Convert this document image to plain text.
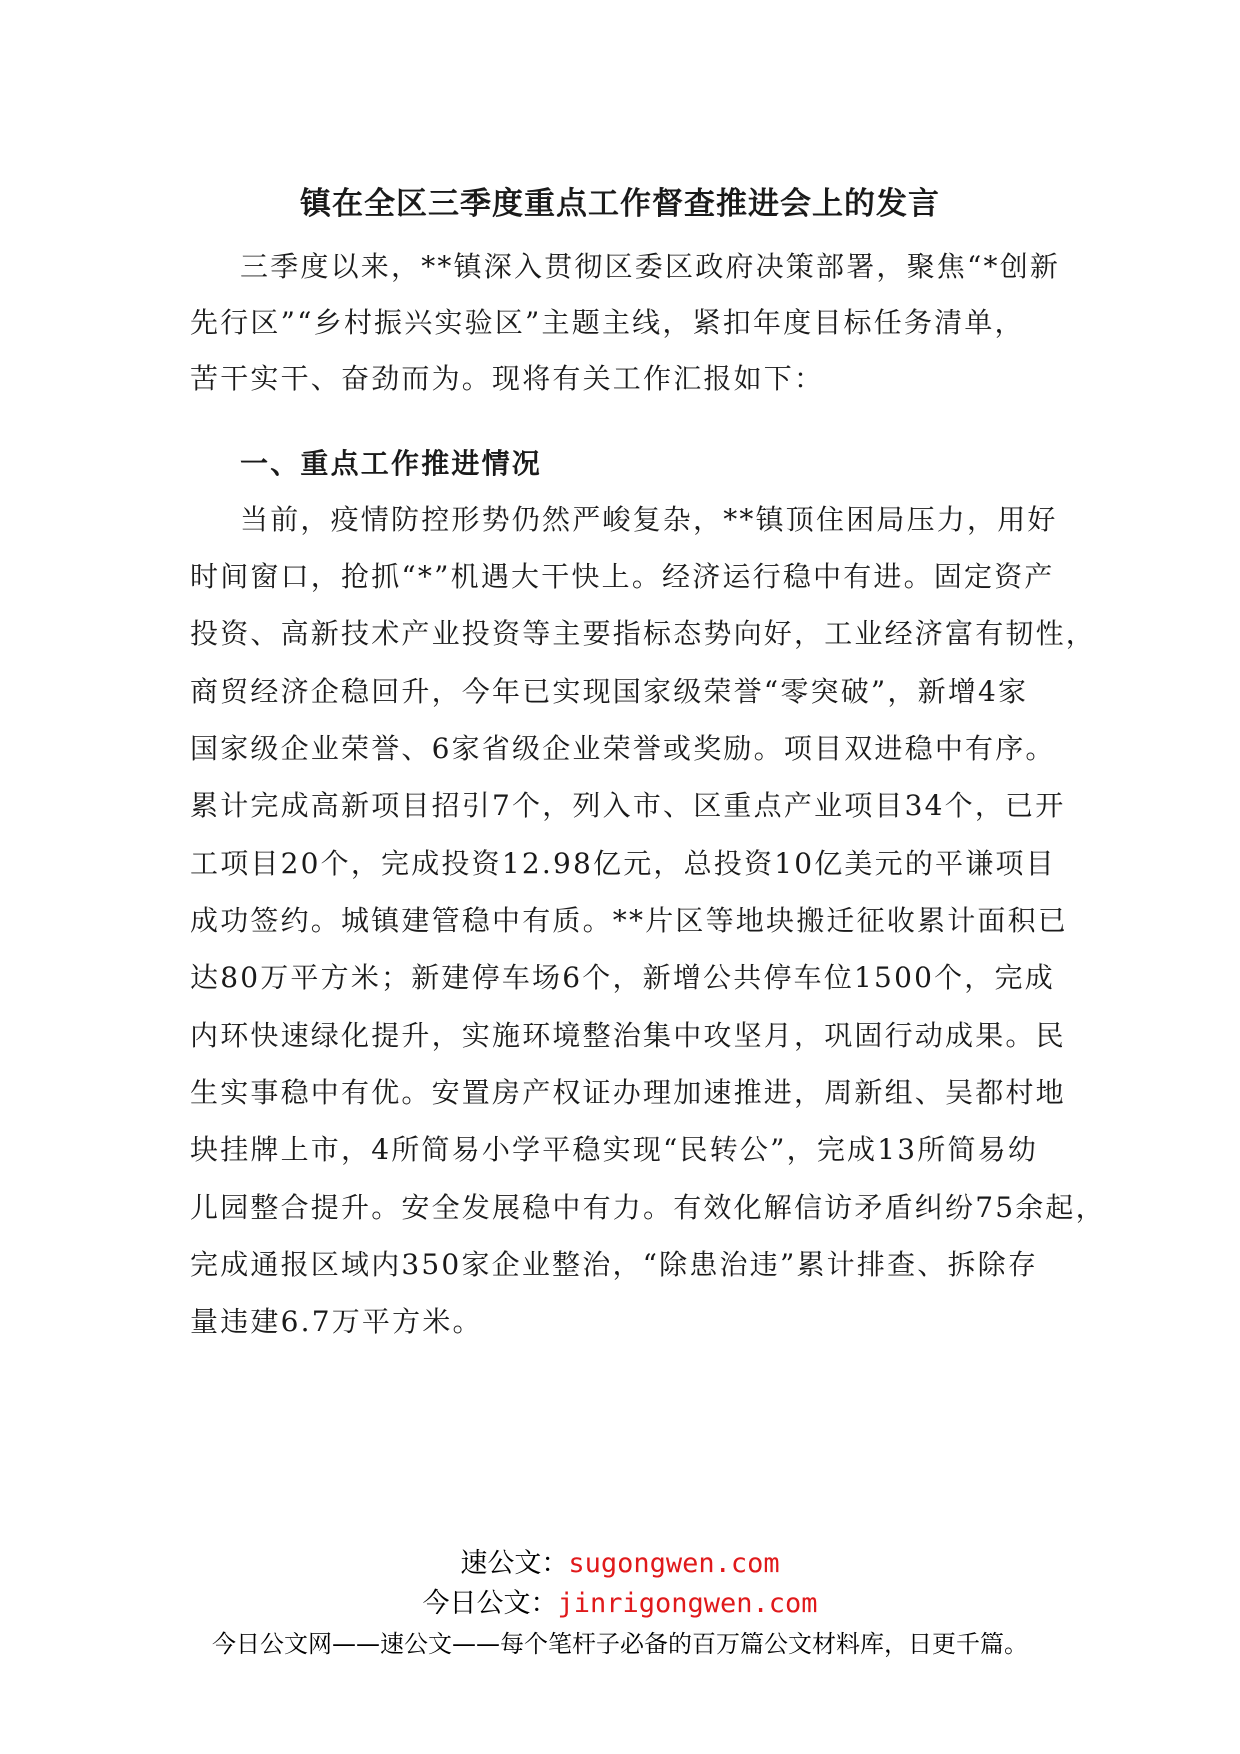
镇在全区三季度重点工作督查推进会上的发言
三季度以来，**镇深入贯彻区委区政府决策部署，聚焦“*创新
先行区”“乡村振兴实验区”主题主线，紧扣年度目标任务清单，
苦干实干、奋劲而为。现将有关工作汇报如下：
一、重点工作推进情况
当前，疫情防控形势仍然严峻复杂，**镇顶住困局压力，用好
时间窗口，抢抓“*”机遇大干快上。经济运行稳中有进。固定资产
投资、高新技术产业投资等主要指标态势向好，工业经济富有韧性，
商贸经济企稳回升，今年已实现国家级荣誉“零突破”，新增4家
国家级企业荣誉、6家省级企业荣誉或奖励。项目双进稳中有序。
累计完成高新项目招引7个，列入市、区重点产业项目34个，已开
工项目20个，完成投资12.98亿元，总投资10亿美元的平谦项目
成功签约。城镇建管稳中有质。**片区等地块搬迁征收累计面积已
达80万平方米；新建停车场6个，新增公共停车位1500个，完成
内环快速绿化提升，实施环境整治集中攻坚月，巩固行动成果。民
生实事稳中有优。安置房产权证办理加速推进，周新组、吴都村地
块挂牌上市，4所简易小学平稳实现“民转公”，完成13所简易幼
儿园整合提升。安全发展稳中有力。有效化解信访矛盾纠纷75余起，
完成通报区域内350家企业整治，“除患治违”累计排查、拆除存
量违建6.7万平方米。
速公文：sugongwen.com
今日公文：jinrigongwen.com
今日公文网——速公文——每个笔杆子必备的百万篇公文材料库，日更千篇。
